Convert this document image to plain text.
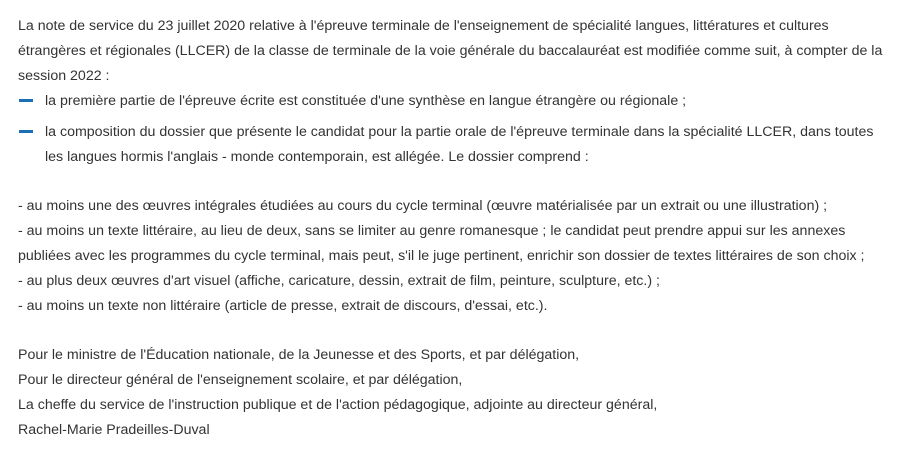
La note de service du 23 juillet 2020 relative à l'épreuve terminale de l'enseignement de spécialité langues, littératures et cultures étrangères et régionales (LLCER) de la classe de terminale de la voie générale du baccalauréat est modifiée comme suit, à compter de la session 2022 :

la première partie de l'épreuve écrite est constituée d'une synthèse en langue étrangère ou régionale ;
la composition du dossier que présente le candidat pour la partie orale de l'épreuve terminale dans la spécialité LLCER, dans toutes les langues hormis l'anglais - monde contemporain, est allégée. Le dossier comprend :

- au moins une des œuvres intégrales étudiées au cours du cycle terminal (œuvre matérialisée par un extrait ou une illustration) ;

- au moins un texte littéraire, au lieu de deux, sans se limiter au genre romanesque ; le candidat peut prendre appui sur les annexes publiées avec les programmes du cycle terminal, mais peut, s'il le juge pertinent, enrichir son dossier de textes littéraires de son choix ;

- au plus deux œuvres d'art visuel (affiche, caricature, dessin, extrait de film, peinture, sculpture, etc.) ;

- au moins un texte non littéraire (article de presse, extrait de discours, d'essai, etc.).

Pour le ministre de l'Éducation nationale, de la Jeunesse et des Sports, et par délégation,

Pour le directeur général de l'enseignement scolaire, et par délégation,

La cheffe du service de l'instruction publique et de l'action pédagogique, adjointe au directeur général,

Rachel-Marie Pradeilles-Duval
